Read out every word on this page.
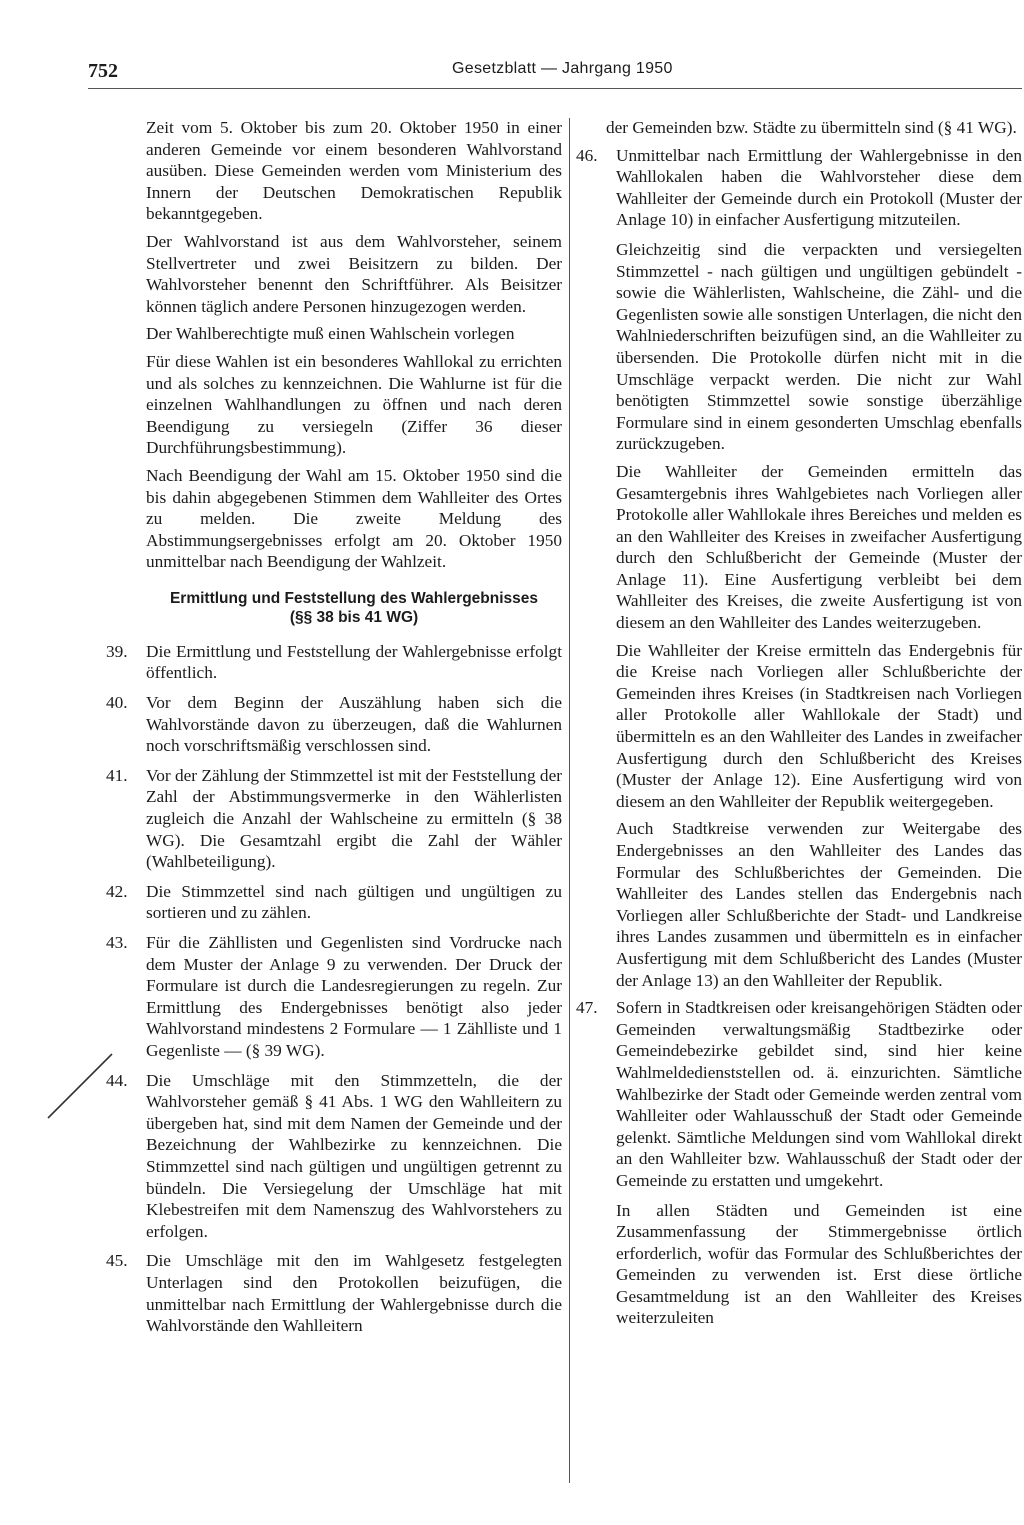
752	Gesetzblatt — Jahrgang 1950

Zeit vom 5. Oktober bis zum 20. Oktober 1950 in einer anderen Gemeinde vor einem besonderen Wahlvorstand ausüben. Diese Gemeinden werden vom Ministerium des Innern der Deutschen Demokratischen Republik bekanntgegeben.

Der Wahlvorstand ist aus dem Wahlvorsteher, seinem Stellvertreter und zwei Beisitzern zu bilden. Der Wahlvorsteher benennt den Schriftführer. Als Beisitzer können täglich andere Personen hinzugezogen werden.

Der Wahlberechtigte muß einen Wahlschein vorlegen

Für diese Wahlen ist ein besonderes Wahllokal zu errichten und als solches zu kennzeichnen. Die Wahlurne ist für die einzelnen Wahlhandlungen zu öffnen und nach deren Beendigung zu versiegeln (Ziffer 36 dieser Durchführungsbestimmung).

Nach Beendigung der Wahl am 15. Oktober 1950 sind die bis dahin abgegebenen Stimmen dem Wahlleiter des Ortes zu melden. Die zweite Meldung des Abstimmungsergebnisses erfolgt am 20. Oktober 1950 unmittelbar nach Beendigung der Wahlzeit.

Ermittlung und Feststellung des Wahlergebnisses
(§§ 38 bis 41 WG)

39. Die Ermittlung und Feststellung der Wahlergebnisse erfolgt öffentlich.

40. Vor dem Beginn der Auszählung haben sich die Wahlvorstände davon zu überzeugen, daß die Wahlurnen noch vorschriftsmäßig verschlossen sind.

41. Vor der Zählung der Stimmzettel ist mit der Feststellung der Zahl der Abstimmungsvermerke in den Wählerlisten zugleich die Anzahl der Wahlscheine zu ermitteln (§ 38 WG). Die Gesamtzahl ergibt die Zahl der Wähler (Wahlbeteiligung).

42. Die Stimmzettel sind nach gültigen und ungültigen zu sortieren und zu zählen.

43. Für die Zähllisten und Gegenlisten sind Vordrucke nach dem Muster der Anlage 9 zu verwenden. Der Druck der Formulare ist durch die Landesregierungen zu regeln. Zur Ermittlung des Endergebnisses benötigt also jeder Wahlvorstand mindestens 2 Formulare — 1 Zählliste und 1 Gegenliste — (§ 39 WG).

44. Die Umschläge mit den Stimmzetteln, die der Wahlvorsteher gemäß § 41 Abs. 1 WG den Wahlleitern zu übergeben hat, sind mit dem Namen der Gemeinde und der Bezeichnung der Wahlbezirke zu kennzeichnen. Die Stimmzettel sind nach gültigen und ungültigen getrennt zu bündeln. Die Versiegelung der Umschläge hat mit Klebestreifen mit dem Namenszug des Wahlvorstehers zu erfolgen.

45. Die Umschläge mit den im Wahlgesetz festgelegten Unterlagen sind den Protokollen beizufügen, die unmittelbar nach Ermittlung der Wahlergebnisse durch die Wahlvorstände den Wahlleitern

der Gemeinden bzw. Städte zu übermitteln sind (§ 41 WG).

46. Unmittelbar nach Ermittlung der Wahlergebnisse in den Wahllokalen haben die Wahlvorsteher diese dem Wahlleiter der Gemeinde durch ein Protokoll (Muster der Anlage 10) in einfacher Ausfertigung mitzuteilen.

Gleichzeitig sind die verpackten und versiegelten Stimmzettel - nach gültigen und ungültigen gebündelt - sowie die Wählerlisten, Wahlscheine, die Zähl- und die Gegenlisten sowie alle sonstigen Unterlagen, die nicht den Wahlniederschriften beizufügen sind, an die Wahlleiter zu übersenden. Die Protokolle dürfen nicht mit in die Umschläge verpackt werden. Die nicht zur Wahl benötigten Stimmzettel sowie sonstige überzählige Formulare sind in einem gesonderten Umschlag ebenfalls zurückzugeben.

Die Wahlleiter der Gemeinden ermitteln das Gesamtergebnis ihres Wahlgebietes nach Vorliegen aller Protokolle aller Wahllokale ihres Bereiches und melden es an den Wahlleiter des Kreises in zweifacher Ausfertigung durch den Schlußbericht der Gemeinde (Muster der Anlage 11). Eine Ausfertigung verbleibt bei dem Wahlleiter des Kreises, die zweite Ausfertigung ist von diesem an den Wahlleiter des Landes weiterzugeben.

Die Wahlleiter der Kreise ermitteln das Endergebnis für die Kreise nach Vorliegen aller Schlußberichte der Gemeinden ihres Kreises (in Stadtkreisen nach Vorliegen aller Protokolle aller Wahllokale der Stadt) und übermitteln es an den Wahlleiter des Landes in zweifacher Ausfertigung durch den Schlußbericht des Kreises (Muster der Anlage 12). Eine Ausfertigung wird von diesem an den Wahlleiter der Republik weitergegeben.

Auch Stadtkreise verwenden zur Weitergabe des Endergebnisses an den Wahlleiter des Landes das Formular des Schlußberichtes der Gemeinden. Die Wahlleiter des Landes stellen das Endergebnis nach Vorliegen aller Schlußberichte der Stadt- und Landkreise ihres Landes zusammen und übermitteln es in einfacher Ausfertigung mit dem Schlußbericht des Landes (Muster der Anlage 13) an den Wahlleiter der Republik.

47. Sofern in Stadtkreisen oder kreisangehörigen Städten oder Gemeinden verwaltungsmäßig Stadtbezirke oder Gemeindebezirke gebildet sind, sind hier keine Wahlmeldedienststellen od. ä. einzurichten. Sämtliche Wahlbezirke der Stadt oder Gemeinde werden zentral vom Wahlleiter oder Wahlausschuß der Stadt oder Gemeinde gelenkt. Sämtliche Meldungen sind vom Wahllokal direkt an den Wahlleiter bzw. Wahlausschuß der Stadt oder der Gemeinde zu erstatten und umgekehrt.

In allen Städten und Gemeinden ist eine Zusammenfassung der Stimmergebnisse örtlich erforderlich, wofür das Formular des Schlußberichtes der Gemeinden zu verwenden ist. Erst diese örtliche Gesamtmeldung ist an den Wahlleiter des Kreises weiterzuleiten
